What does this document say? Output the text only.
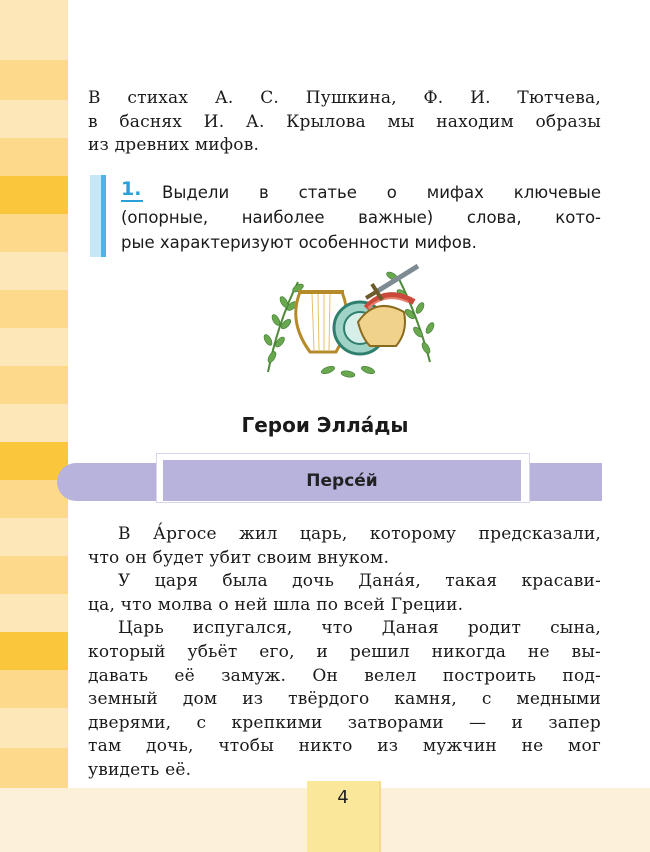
В стихах А. С. Пушкина, Ф. И. Тютчева,
в баснях И. А. Крылова мы находим образы
из древних мифов.
1.	Выдели в статье о мифах ключевые
(опорные, наиболее важные) слова, кото-
рые характеризуют особенности мифов.
Герои Элла́ды
Персе́й
В А́ргосе жил царь, которому предсказали,
что он будет убит своим внуком.
У царя была дочь Дана́я, такая красави-
ца, что молва о ней шла по всей Греции.
Царь испугался, что Даная родит сына,
который убьёт его, и решил никогда не вы-
давать её замуж. Он велел построить под-
земный дом из твёрдого камня, с медными
дверями, с крепкими затворами — и запер
там дочь, чтобы никто из мужчин не мог
увидеть её.
4
